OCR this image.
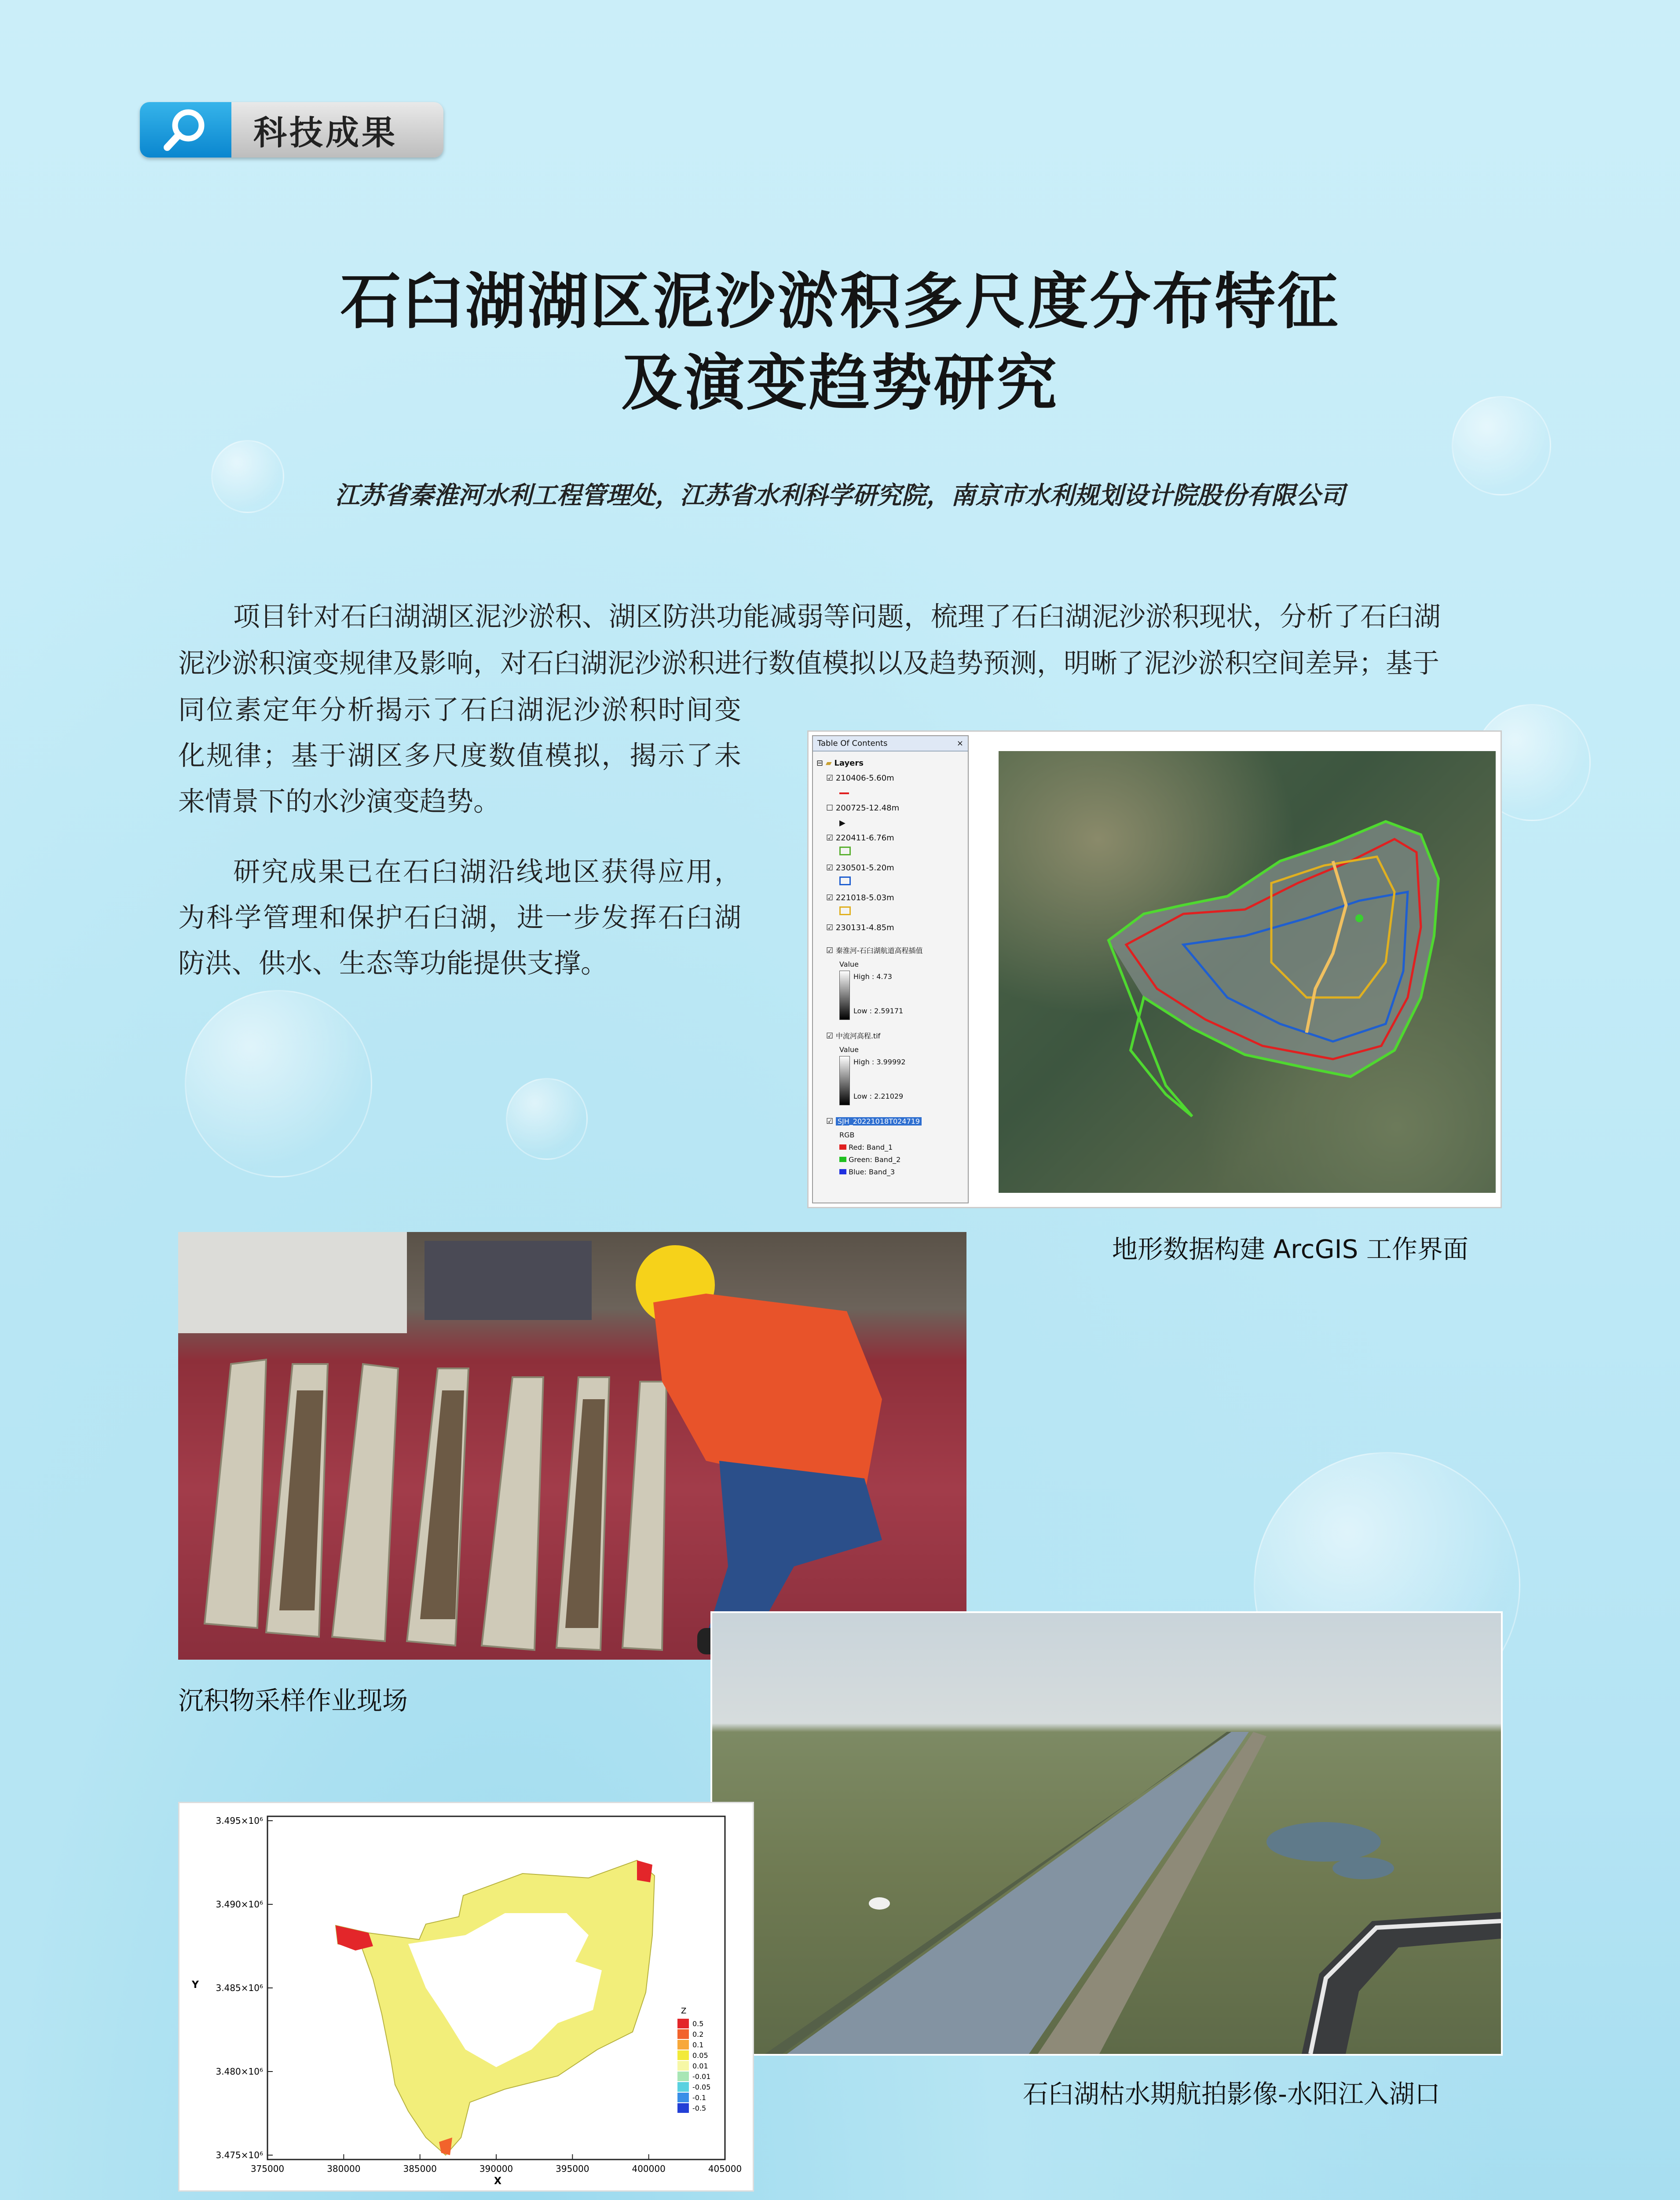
科技成果
石臼湖湖区泥沙淤积多尺度分布特征
及演变趋势研究
江苏省秦淮河水利工程管理处，江苏省水利科学研究院，南京市水利规划设计院股份有限公司

项目针对石臼湖湖区泥沙淤积、湖区防洪功能减弱等问题，梳理了石臼湖泥沙淤积现状，分析了石臼湖

泥沙淤积演变规律及影响，对石臼湖泥沙淤积进行数值模拟以及趋势预测，明晰了泥沙淤积空间差异；基于

同位素定年分析揭示了石臼湖泥沙淤积时间变化规律；基于湖区多尺度数值模拟，揭示了未来情景下的水沙演变趋势。

研究成果已在石臼湖沿线地区获得应用，为科学管理和保护石臼湖，进一步发挥石臼湖防洪、供水、生态等功能提供支撑。

Table Of Contents	×
⊟ ▰ Layers
☑ 210406-5.60m
☐ 200725-12.48m
▶
☑ 220411-6.76m
☑ 230501-5.20m
☑ 221018-5.03m
☑ 230131-4.85m
☑ 秦淮河-石臼湖航道高程插值
Value
High : 4.73
Low : 2.59171
☑ 中流河高程.tif
Value
High : 3.99992
Low : 2.21029
☑ SJH_20221018T024719
RGB
Red: Band_1
Green: Band_2
Blue: Band_3
地形数据构建 ArcGIS 工作界面
沉积物采样作业现场
石臼湖枯水期航拍影像-水阳江入湖口
0.5
0.2
0.1
0.05
0.01
-0.01
-0.05
-0.1
-0.5
Z
3.495×10⁶
3.490×10⁶
3.485×10⁶
3.480×10⁶
3.475×10⁶
375000	380000	385000	390000	395000	400000	405000
Y
X
